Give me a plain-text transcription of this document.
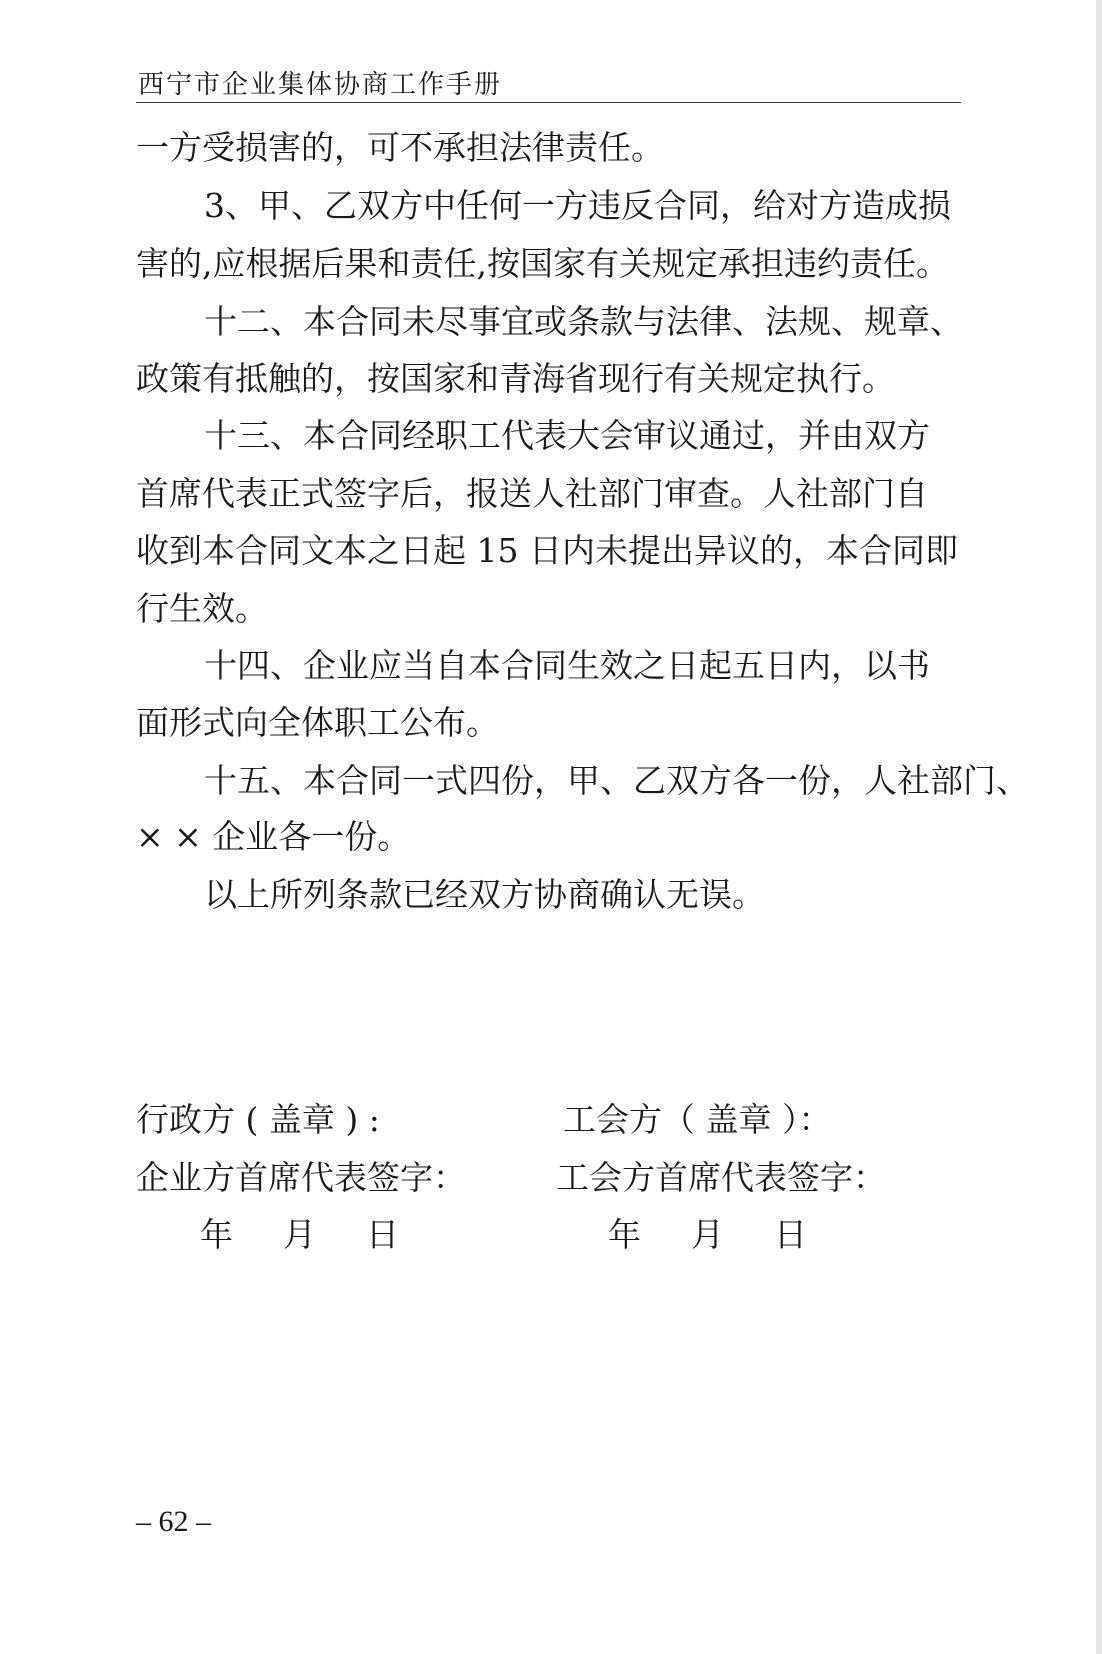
西宁市企业集体协商工作手册
一方受损害的，可不承担法律责任。
3、甲、乙双方中任何一方违反合同，给对方造成损
害的,应根据后果和责任,按国家有关规定承担违约责任。
十二、本合同未尽事宜或条款与法律、法规、规章、
政策有抵触的，按国家和青海省现行有关规定执行。
十三、本合同经职工代表大会审议通过，并由双方
首席代表正式签字后，报送人社部门审查。人社部门自
收到本合同文本之日起 15 日内未提出异议的，本合同即
行生效。
十四、企业应当自本合同生效之日起五日内，以书
面形式向全体职工公布。
十五、本合同一式四份，甲、乙双方各一份，人社部门、
× × 企业各一份。
以上所列条款已经双方协商确认无误。
行政方 ( 盖章 ) :	工会方（ 盖章 ）：
企业方首席代表签字：	工会方首席代表签字：
年 月 日	年 月 日
– 62 –
